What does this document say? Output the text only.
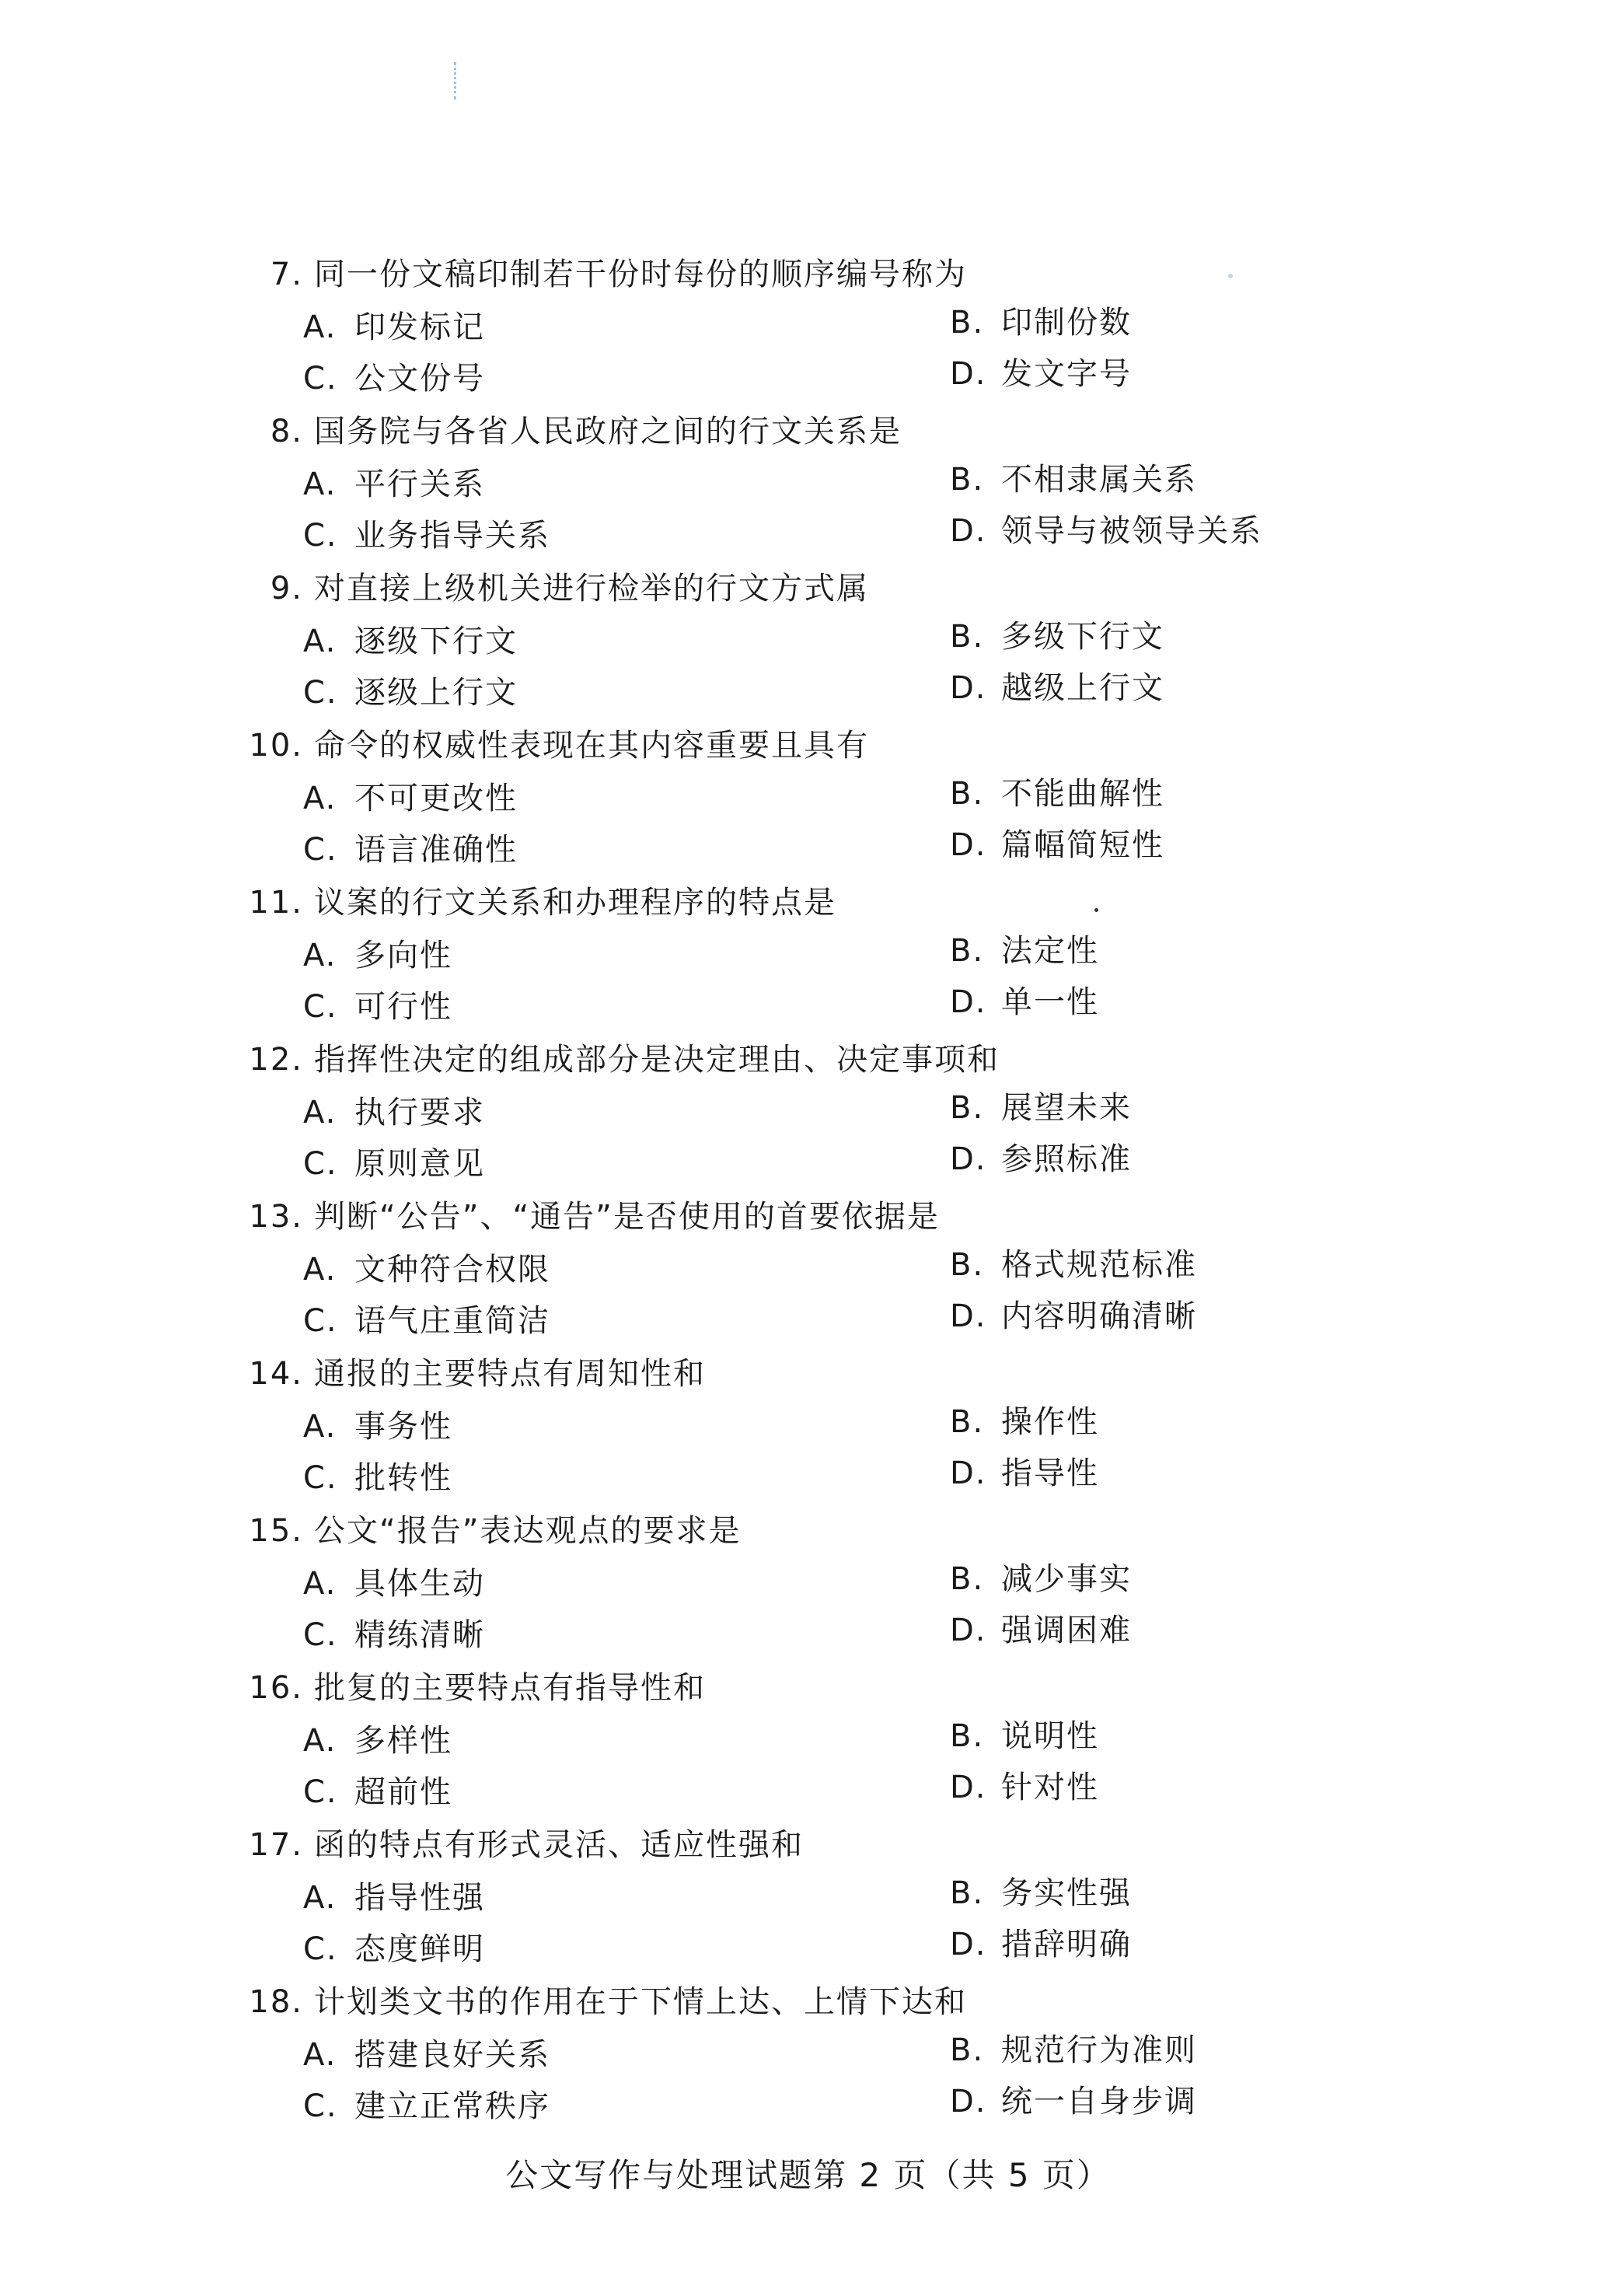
7. 同一份文稿印制若干份时每份的顺序编号称为
A. 印发标记	B. 印制份数
C. 公文份号	D. 发文字号
8. 国务院与各省人民政府之间的行文关系是
A. 平行关系	B. 不相隶属关系
C. 业务指导关系	D. 领导与被领导关系
9. 对直接上级机关进行检举的行文方式属
A. 逐级下行文	B. 多级下行文
C. 逐级上行文	D. 越级上行文
10. 命令的权威性表现在其内容重要且具有
A. 不可更改性	B. 不能曲解性
C. 语言准确性	D. 篇幅简短性
11. 议案的行文关系和办理程序的特点是
A. 多向性	B. 法定性
C. 可行性	D. 单一性
12. 指挥性决定的组成部分是决定理由、决定事项和
A. 执行要求	B. 展望未来
C. 原则意见	D. 参照标准
13. 判断“公告”、“通告”是否使用的首要依据是
A. 文种符合权限	B. 格式规范标准
C. 语气庄重简洁	D. 内容明确清晰
14. 通报的主要特点有周知性和
A. 事务性	B. 操作性
C. 批转性	D. 指导性
15. 公文“报告”表达观点的要求是
A. 具体生动	B. 减少事实
C. 精练清晰	D. 强调困难
16. 批复的主要特点有指导性和
A. 多样性	B. 说明性
C. 超前性	D. 针对性
17. 函的特点有形式灵活、适应性强和
A. 指导性强	B. 务实性强
C. 态度鲜明	D. 措辞明确
18. 计划类文书的作用在于下情上达、上情下达和
A. 搭建良好关系	B. 规范行为准则
C. 建立正常秩序	D. 统一自身步调
公文写作与处理试题第 2 页（共 5 页）
